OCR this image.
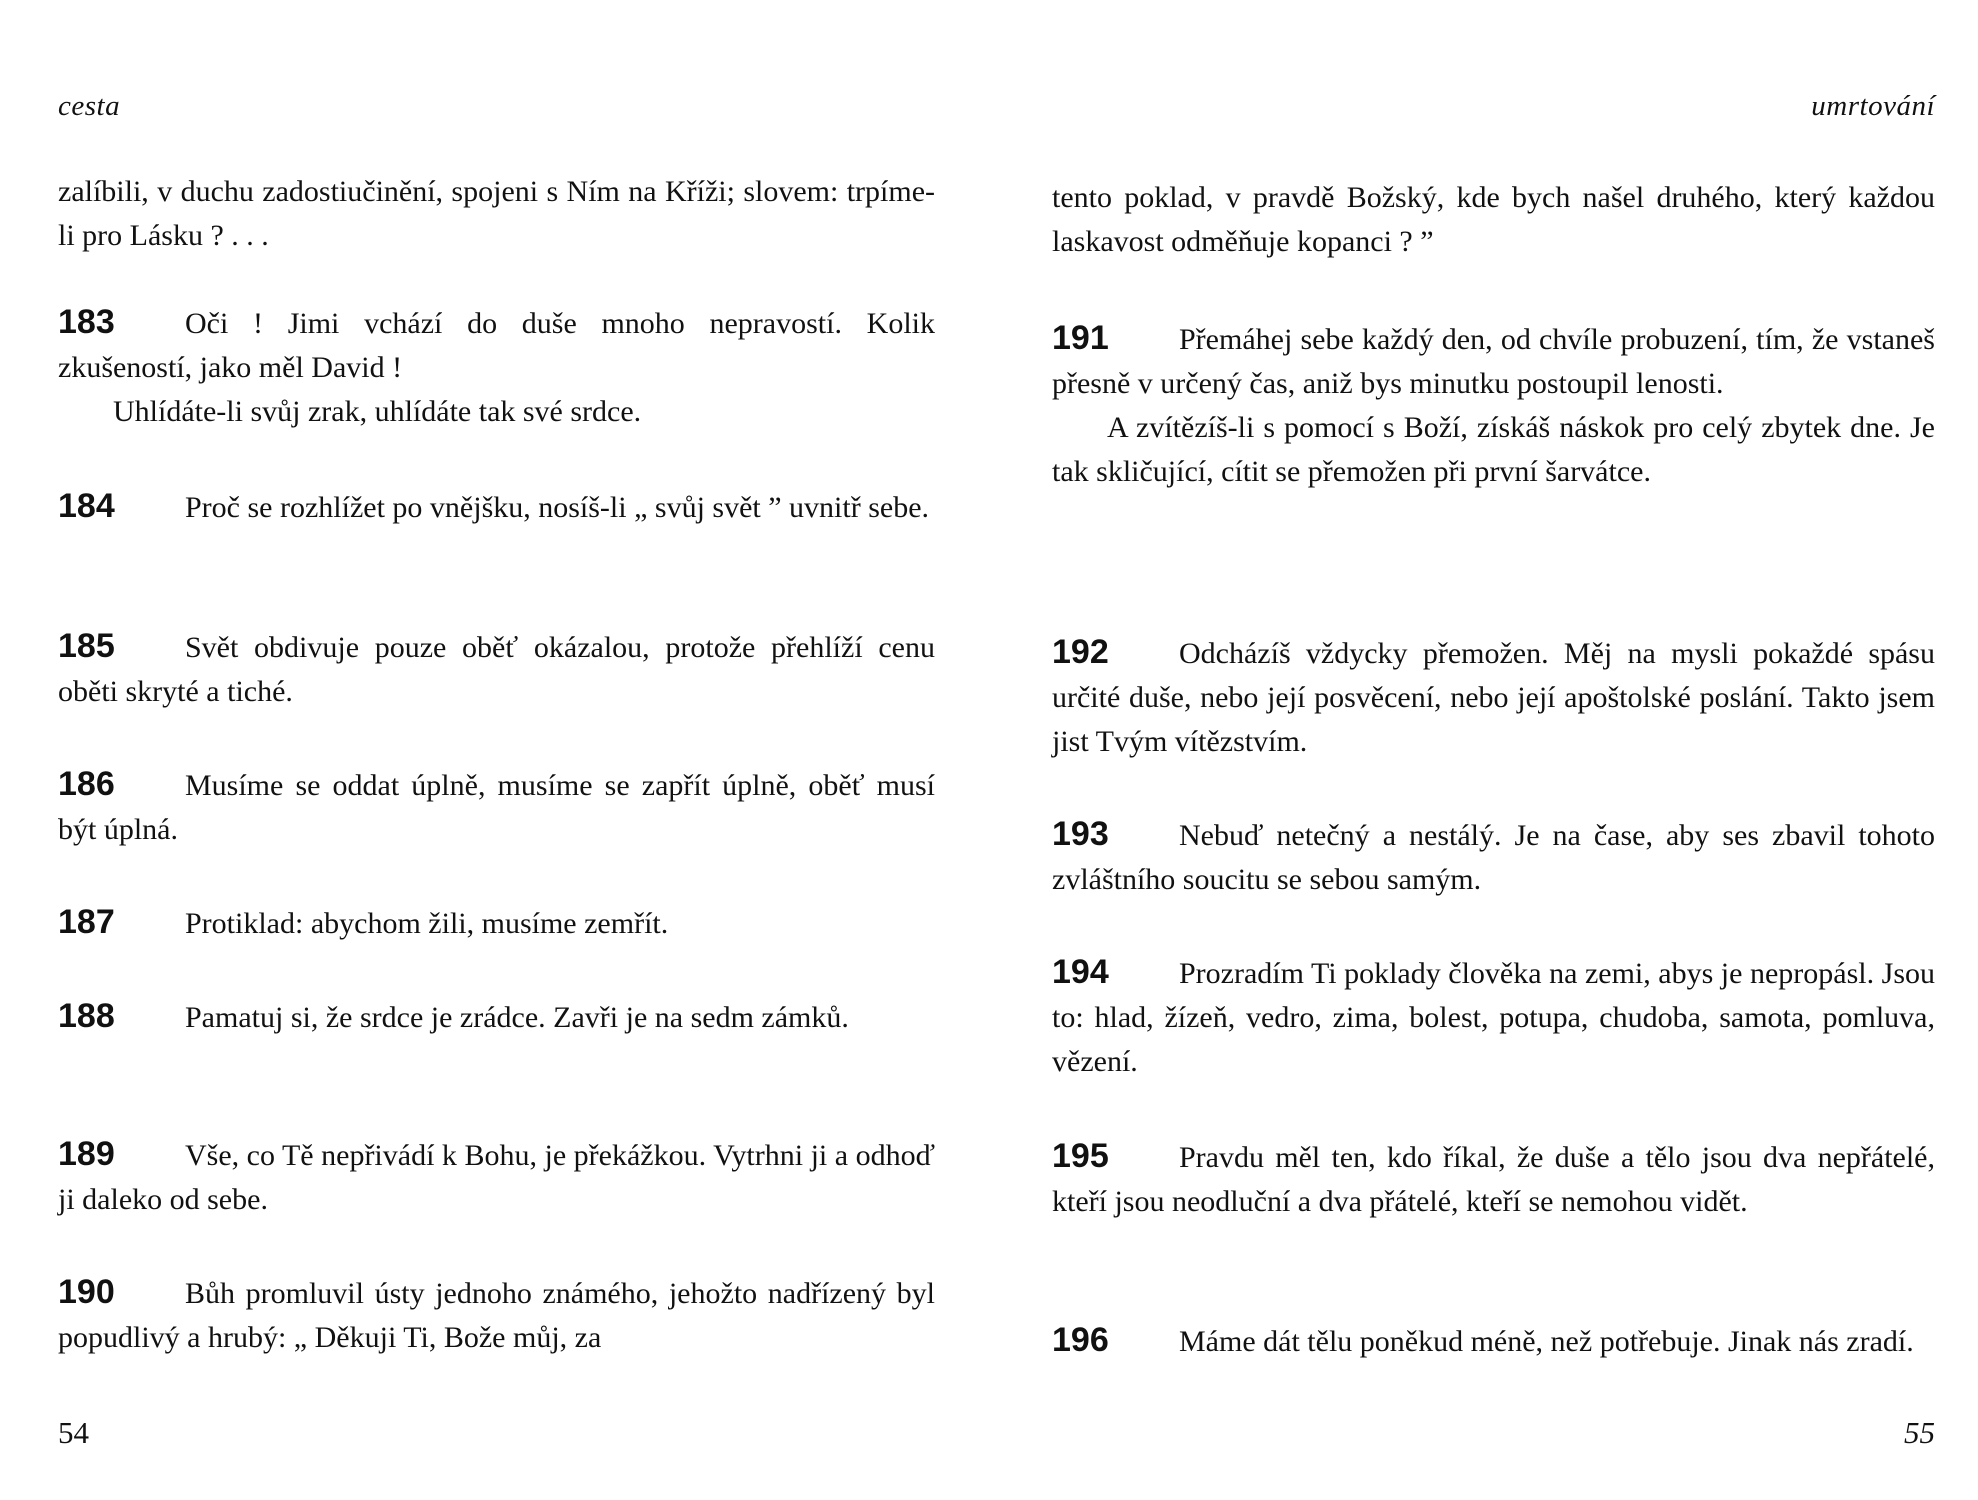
cesta
zalíbili, v duchu zadostiučinění, spojeni s Ním na Kříži; slovem: trpíme-li pro Lásku ? . . .
183 Oči ! Jimi vchází do duše mnoho nepravostí. Kolik zkušeností, jako měl David !
Uhlídáte-li svůj zrak, uhlídáte tak své srdce.
184 Proč se rozhlížet po vnějšku, nosíš-li „ svůj svět ” uvnitř sebe.
185 Svět obdivuje pouze oběť okázalou, protože přehlíží cenu oběti skryté a tiché.
186 Musíme se oddat úplně, musíme se zapřít úplně, oběť musí být úplná.
187 Protiklad: abychom žili, musíme zemřít.
188 Pamatuj si, že srdce je zrádce. Zavři je na sedm zámků.
189 Vše, co Tě nepřivádí k Bohu, je překážkou. Vytrhni ji a odhoď ji daleko od sebe.
190 Bůh promluvil ústy jednoho známého, jehožto nadřízený byl popudlivý a hrubý: „ Děkuji Ti, Bože můj, za
54
umrtování
tento poklad, v pravdě Božský, kde bych našel druhého, který každou laskavost odměňuje kopanci ? ”
191 Přemáhej sebe každý den, od chvíle probuzení, tím, že vstaneš přesně v určený čas, aniž bys minutku postoupil lenosti.
A zvítězíš-li s pomocí s Boží, získáš náskok pro celý zbytek dne. Je tak skličující, cítit se přemožen při první šarvátce.
192 Odcházíš vždycky přemožen. Měj na mysli pokaždé spásu určité duše, nebo její posvěcení, nebo její apoštolské poslání. Takto jsem jist Tvým vítězstvím.
193 Nebuď netečný a nestálý. Je na čase, aby ses zbavil tohoto zvláštního soucitu se sebou samým.
194 Prozradím Ti poklady člověka na zemi, abys je nepropásl. Jsou to: hlad, žízeň, vedro, zima, bolest, potupa, chudoba, samota, pomluva, vězení.
195 Pravdu měl ten, kdo říkal, že duše a tělo jsou dva nepřátelé, kteří jsou neodluční a dva přátelé, kteří se nemohou vidět.
196 Máme dát tělu poněkud méně, než potřebuje. Jinak nás zradí.
55
